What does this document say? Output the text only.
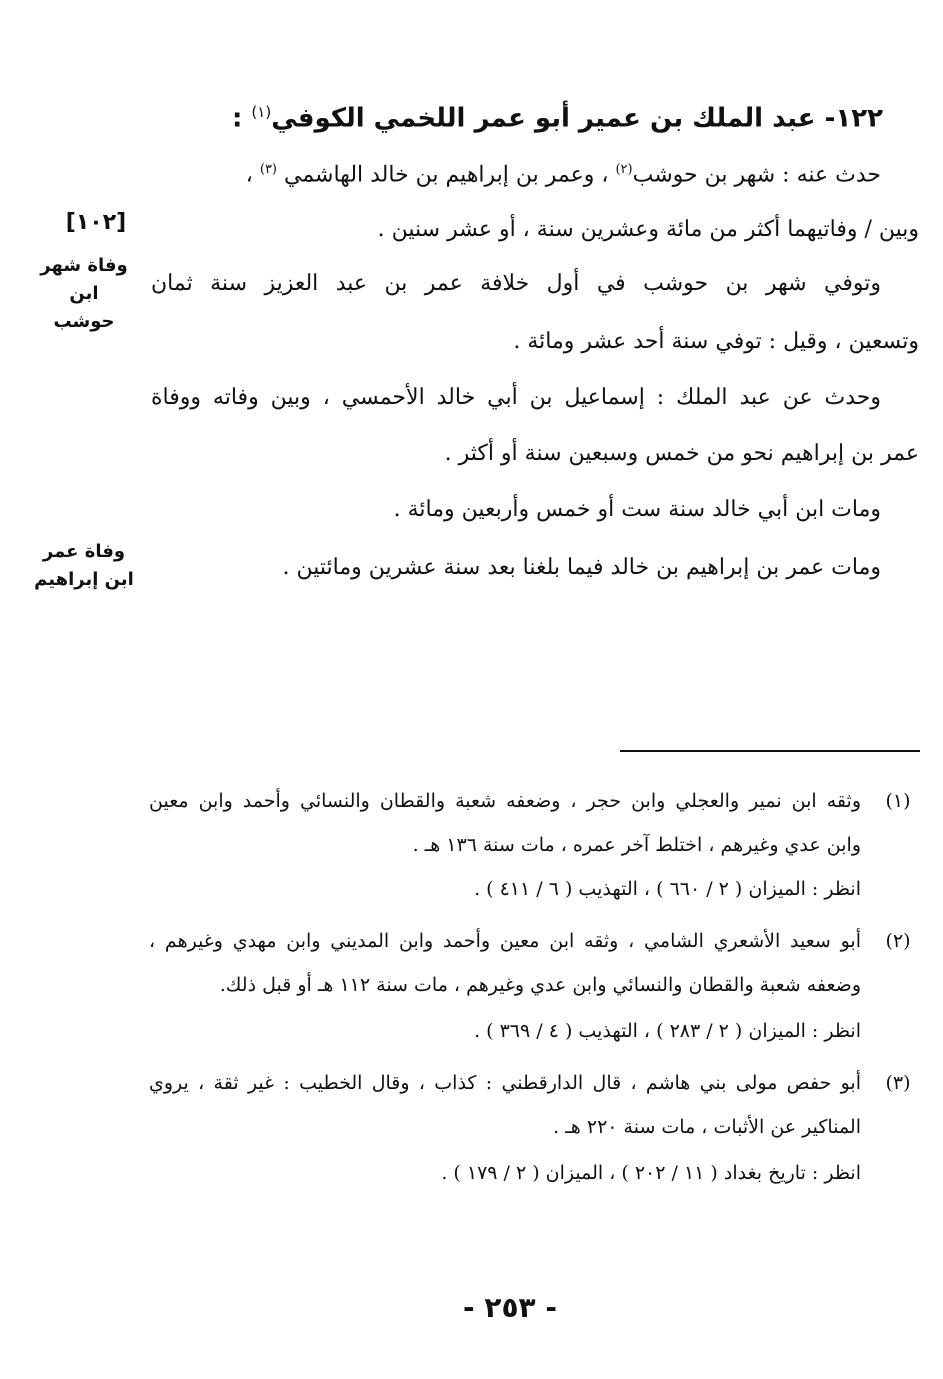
١٢٢- عبد الملك بن عمير أبو عمر اللخمي الكوفي$^{(١)}$ :
حدث عنه : شهر بن حوشب$^{(٢)}$ ، وعمر بن إبراهيم بن خالد الهاشمي $^{(٣)}$ ،
وبين / وفاتيهما أكثر من مائة وعشرين سنة ، أو عشر سنين .
وتوفي شهر بن حوشب في أول خلافة عمر بن عبد العزيز سنة ثمان
وتسعين ، وقيل : توفي سنة أحد عشر ومائة .
وحدث عن عبد الملك : إسماعيل بن أبي خالد الأحمسي ، وبين وفاته ووفاة
عمر بن إبراهيم نحو من خمس وسبعين سنة أو أكثر .
ومات ابن أبي خالد سنة ست أو خمس وأربعين ومائة .
ومات عمر بن إبراهيم بن خالد فيما بلغنا بعد سنة عشرين ومائتين .
[١٠٢]
وفاة شهر
ابن
حوشب
وفاة عمر
ابن إبراهيم
(١)
وثقه ابن نمير والعجلي وابن حجر ، وضعفه شعبة والقطان والنسائي وأحمد وابن معين
وابن عدي وغيرهم ، اختلط آخر عمره ، مات سنة ١٣٦ هـ .
انظر : الميزان ( ٢ / ٦٦٠ ) ، التهذيب ( ٦ / ٤١١ ) .
(٢)
أبو سعيد الأشعري الشامي ، وثقه ابن معين وأحمد وابن المديني وابن مهدي وغيرهم ،
وضعفه شعبة والقطان والنسائي وابن عدي وغيرهم ، مات سنة ١١٢ هـ أو قبل ذلك.
انظر : الميزان ( ٢ / ٢٨٣ ) ، التهذيب ( ٤ / ٣٦٩ ) .
(٣)
أبو حفص مولى بني هاشم ، قال الدارقطني : كذاب ، وقال الخطيب : غير ثقة ، يروي
المناكير عن الأثبات ، مات سنة ٢٢٠ هـ .
انظر : تاريخ بغداد ( ١١ / ٢٠٢ ) ، الميزان ( ٢ / ١٧٩ ) .
- ٢٥٣ -
